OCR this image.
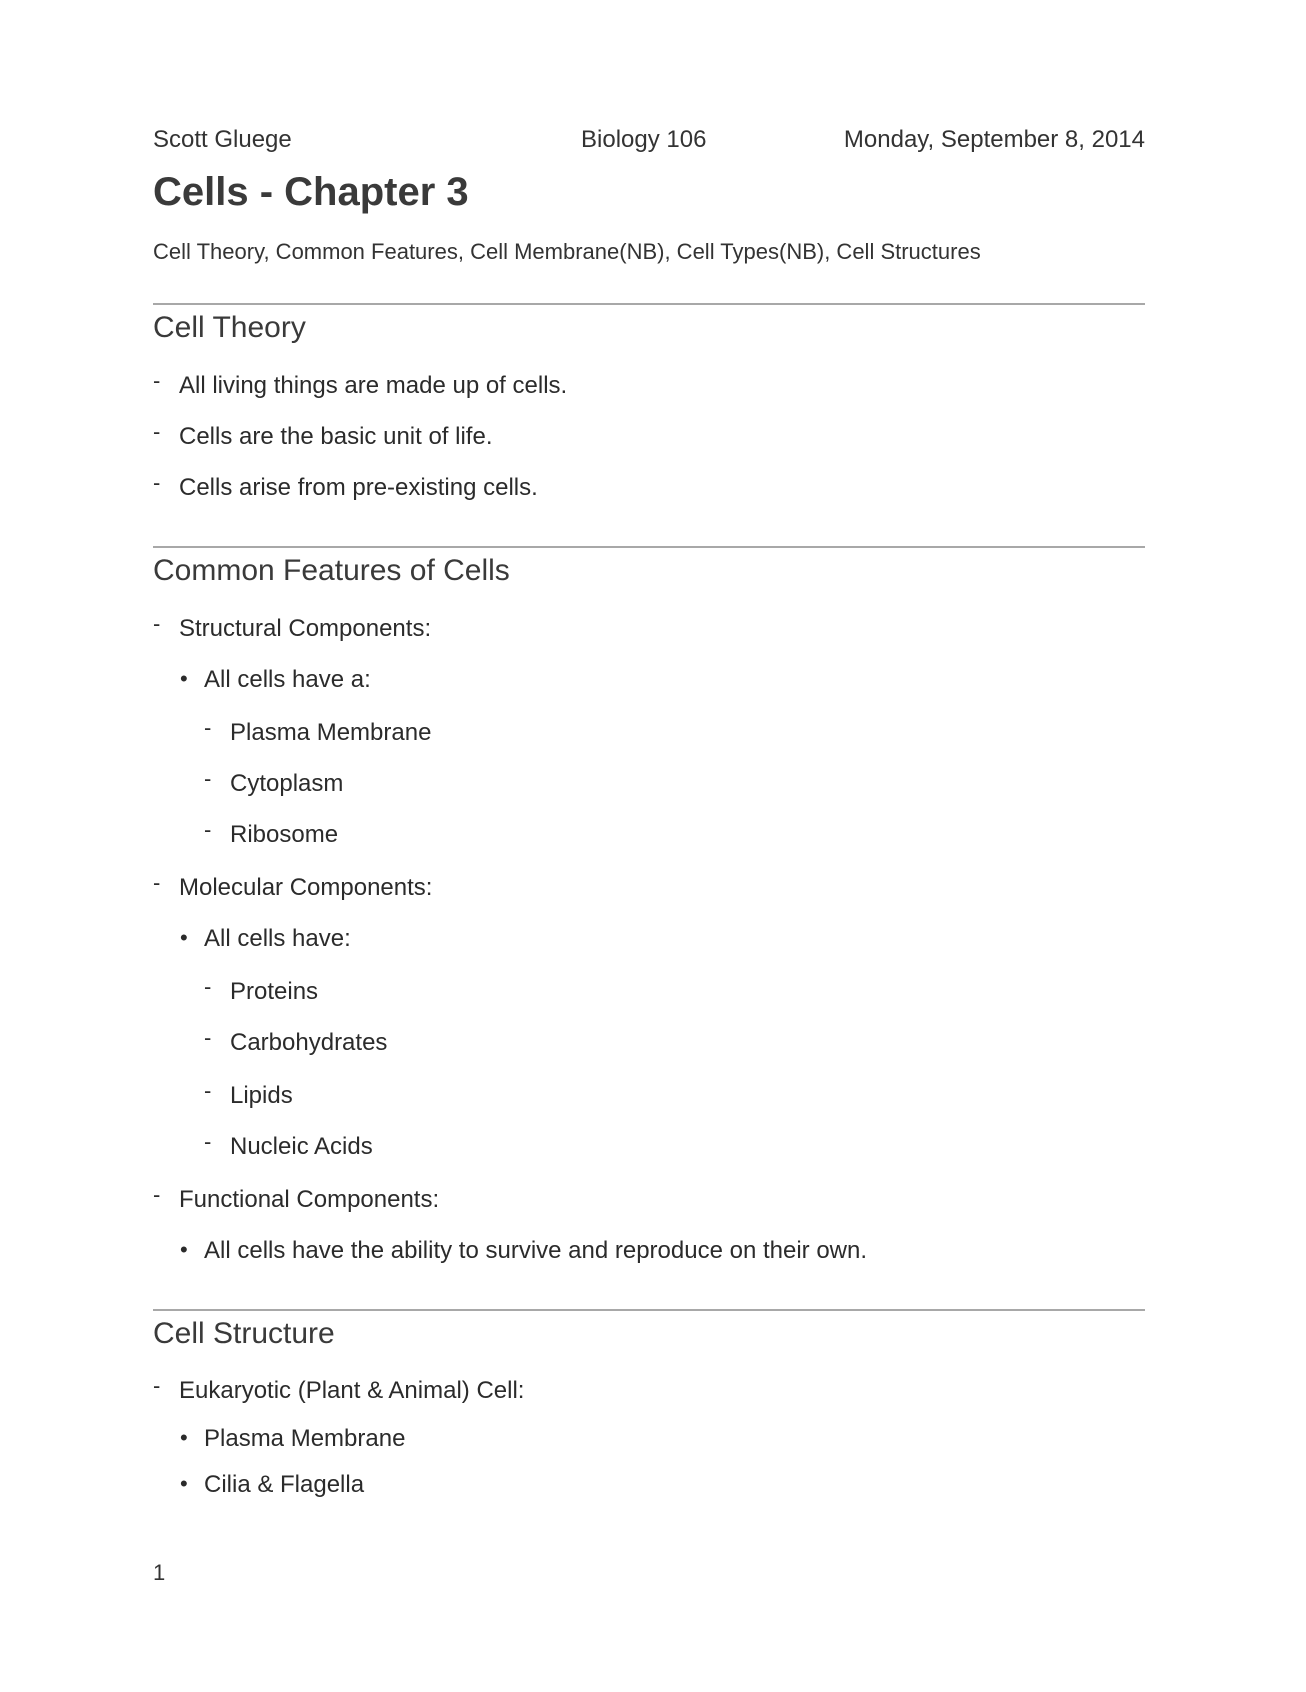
Scott Gluege	Biology 106	Monday, September 8, 2014
Cells - Chapter 3
Cell Theory, Common Features, Cell Membrane(NB), Cell Types(NB), Cell Structures
Cell Theory
- All living things are made up of cells.
- Cells are the basic unit of life.
- Cells arise from pre-existing cells.
Common Features of Cells
- Structural Components:
• All cells have a:
- Plasma Membrane
- Cytoplasm
- Ribosome
- Molecular Components:
• All cells have:
- Proteins
- Carbohydrates
- Lipids
- Nucleic Acids
- Functional Components:
• All cells have the ability to survive and reproduce on their own.
Cell Structure
- Eukaryotic (Plant & Animal) Cell:
• Plasma Membrane
• Cilia & Flagella
1
